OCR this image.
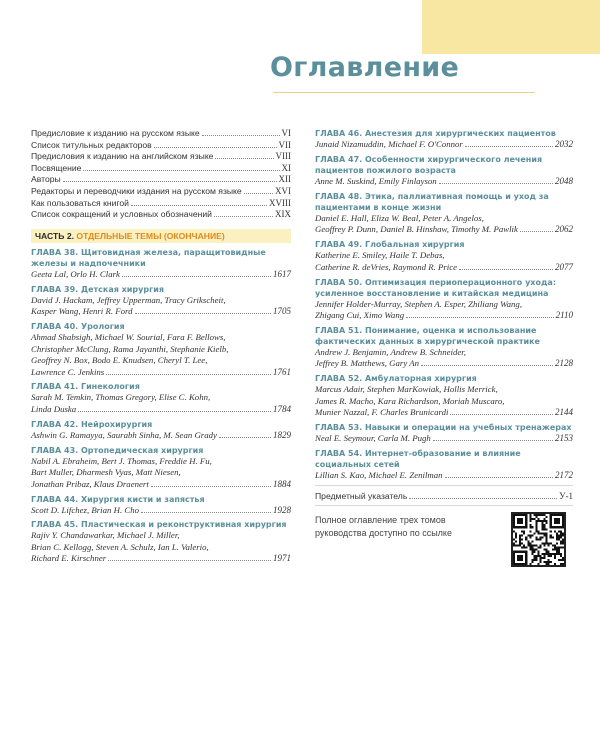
Оглавление
Предисловие к изданию на русском языке	VI
Список титульных редакторов	VII
Предисловия к изданию на английском языке	VIII
Посвящение	XI
Авторы	XII
Редакторы и переводчики издания на русском языке	XVI
Как пользоваться книгой	XVIII
Список сокращений и условных обозначений	XIX
ЧАСТЬ 2. ОТДЕЛЬНЫЕ ТЕМЫ (ОКОНЧАНИЕ)
ГЛАВА 38. Щитовидная железа, паращитовидные железы и надпочечники
Geeta Lal, Orlo H. Clark	1617
ГЛАВА 39. Детская хирургия
David J. Hackam, Jeffrey Upperman, Tracy Grikscheit,
Kasper Wang, Henri R. Ford	1705
ГЛАВА 40. Урология
Ahmad Shabsigh, Michael W. Sourial, Fara F. Bellows,
Christopher McClung, Rama Jayanthi, Stephanie Kielb,
Geoffrey N. Box, Bodo E. Knudsen, Cheryl T. Lee,
Lawrence C. Jenkins	1761
ГЛАВА 41. Гинекология
Sarah M. Temkin, Thomas Gregory, Elise C. Kohn,
Linda Duska	1784
ГЛАВА 42. Нейрохирургия
Ashwin G. Ramayya, Saurabh Sinha, M. Sean Grady	1829
ГЛАВА 43. Ортопедическая хирургия
Nabil A. Ebraheim, Bert J. Thomas, Freddie H. Fu,
Bart Muller, Dharmesh Vyas, Matt Niesen,
Jonathan Pribaz, Klaus Draenert	1884
ГЛАВА 44. Хирургия кисти и запястья
Scott D. Lifchez, Brian H. Cho	1928
ГЛАВА 45. Пластическая и реконструктивная хирургия
Rajiv Y. Chandawarkar, Michael J. Miller,
Brian C. Kellogg, Steven A. Schulz, Ian L. Valerio,
Richard E. Kirschner	1971
ГЛАВА 46. Анестезия для хирургических пациентов
Junaid Nizamuddin, Michael F. O'Connor	2032
ГЛАВА 47. Особенности хирургического лечения пациентов пожилого возраста
Anne M. Suskind, Emily Finlayson	2048
ГЛАВА 48. Этика, паллиативная помощь и уход за пациентами в конце жизни
Daniel E. Hall, Eliza W. Beal, Peter A. Angelos,
Geoffrey P. Dunn, Daniel B. Hinshaw, Timothy M. Pawlik	2062
ГЛАВА 49. Глобальная хирургия
Katherine E. Smiley, Haile T. Debas,
Catherine R. deVries, Raymond R. Price	2077
ГЛАВА 50. Оптимизация периоперационного ухода: усиленное восстановление и китайская медицина
Jennifer Holder-Murray, Stephen A. Esper, Zhiliang Wang,
Zhigang Cui, Ximo Wang	2110
ГЛАВА 51. Понимание, оценка и использование фактических данных в хирургической практике
Andrew J. Benjamin, Andrew B. Schneider,
Jeffrey B. Matthews, Gary An	2128
ГЛАВА 52. Амбулаторная хирургия
Marcus Adair, Stephen MarKowiak, Hollis Merrick,
James R. Macho, Kara Richardson, Moriah Muscaro,
Munier Nazzal, F. Charles Brunicardi	2144
ГЛАВА 53. Навыки и операции на учебных тренажерах
Neal E. Seymour, Carla M. Pugh	2153
ГЛАВА 54. Интернет-образование и влияние социальных сетей
Lillian S. Kao, Michael E. Zenilman	2172
Предметный указатель	У-1
Полное оглавление трех томов руководства доступно по ссылке
